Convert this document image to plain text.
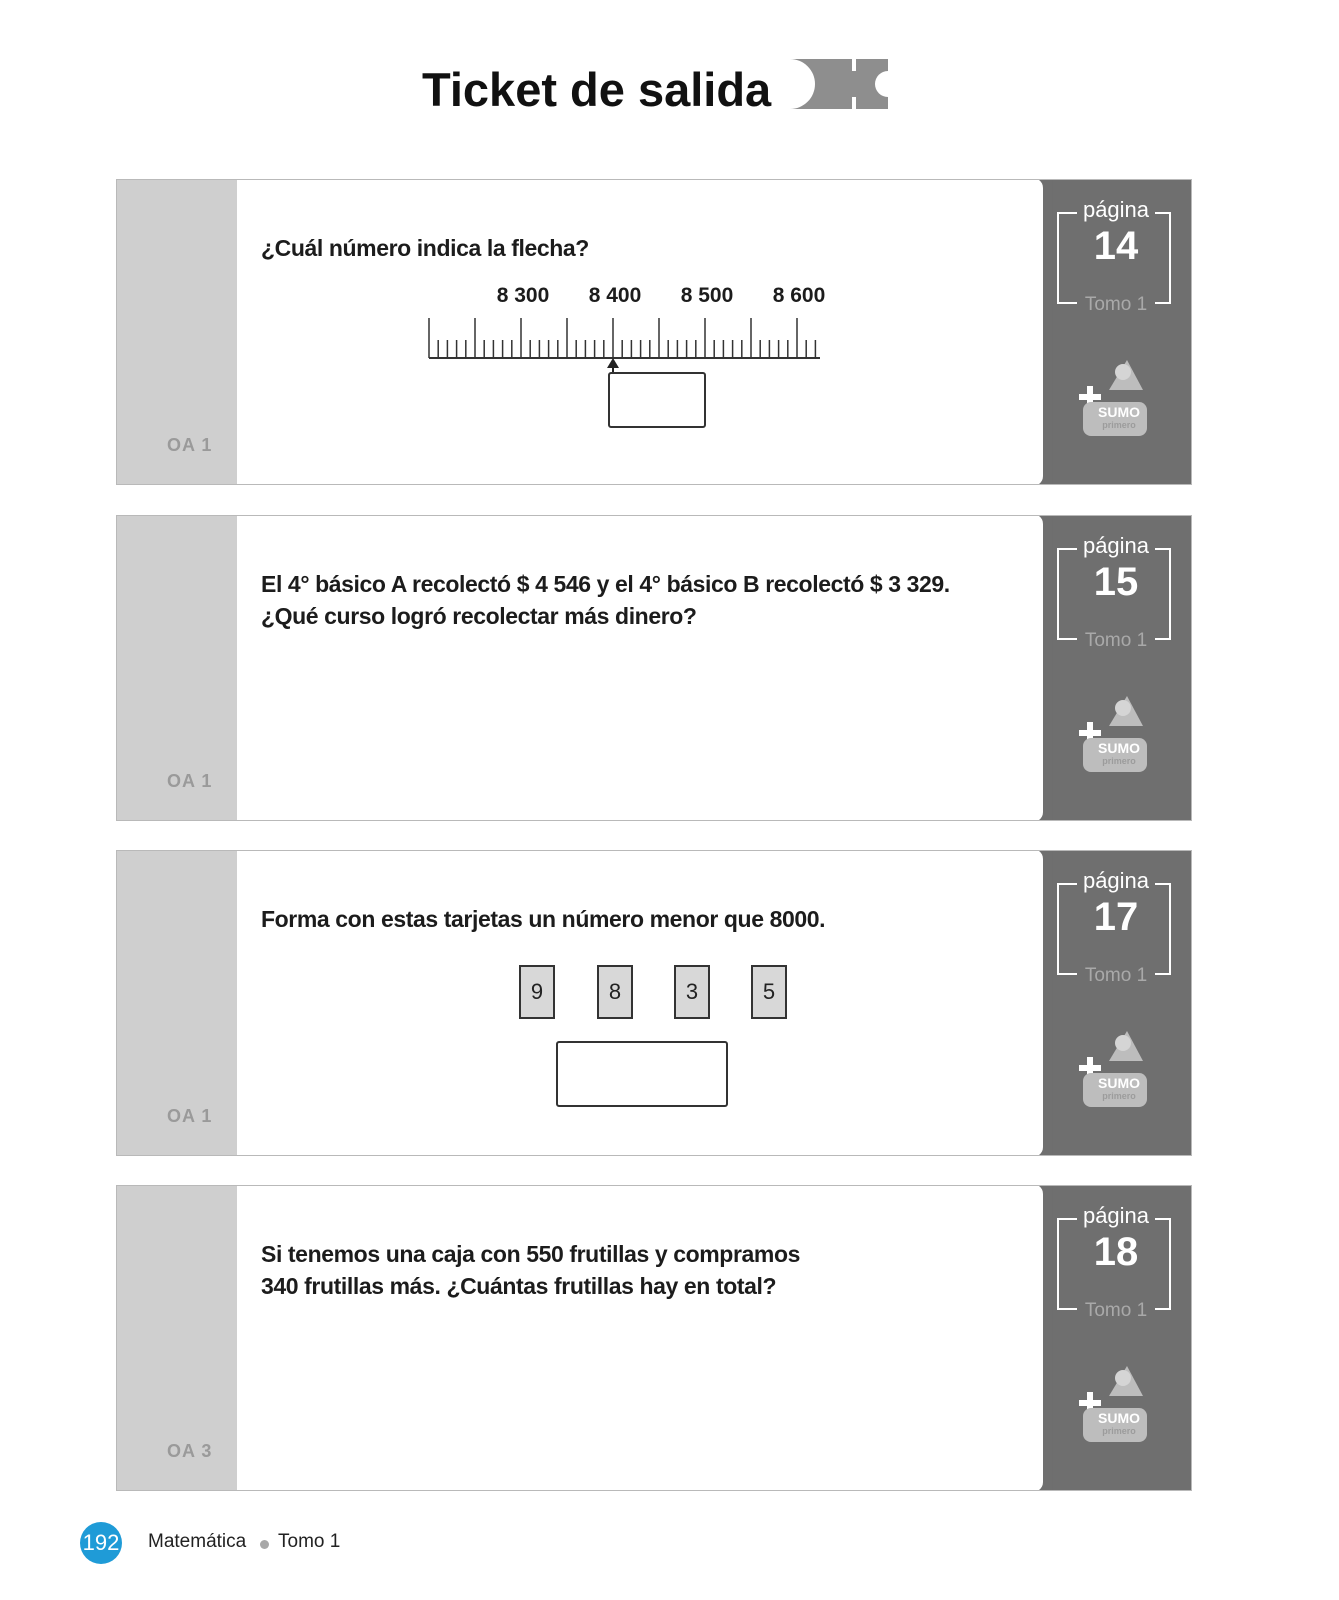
Ticket de salida
OA 1
¿Cuál número indica la flecha?
8 300 8 400 8 500 8 600
página
14
Tomo 1
SUMO
primero
OA 1
El 4° básico A recolectó $ 4 546 y el 4° básico B recolectó $ 3 329.
¿Qué curso logró recolectar más dinero?
página
15
Tomo 1
SUMO
primero
OA 1
Forma con estas tarjetas un número menor que 8000.
9	8	3	5
página
17
Tomo 1
SUMO
primero
OA 3
Si tenemos una caja con 550 frutillas y compramos
340 frutillas más. ¿Cuántas frutillas hay en total?
página
18
Tomo 1
SUMO
primero
192 Matemática Tomo 1
